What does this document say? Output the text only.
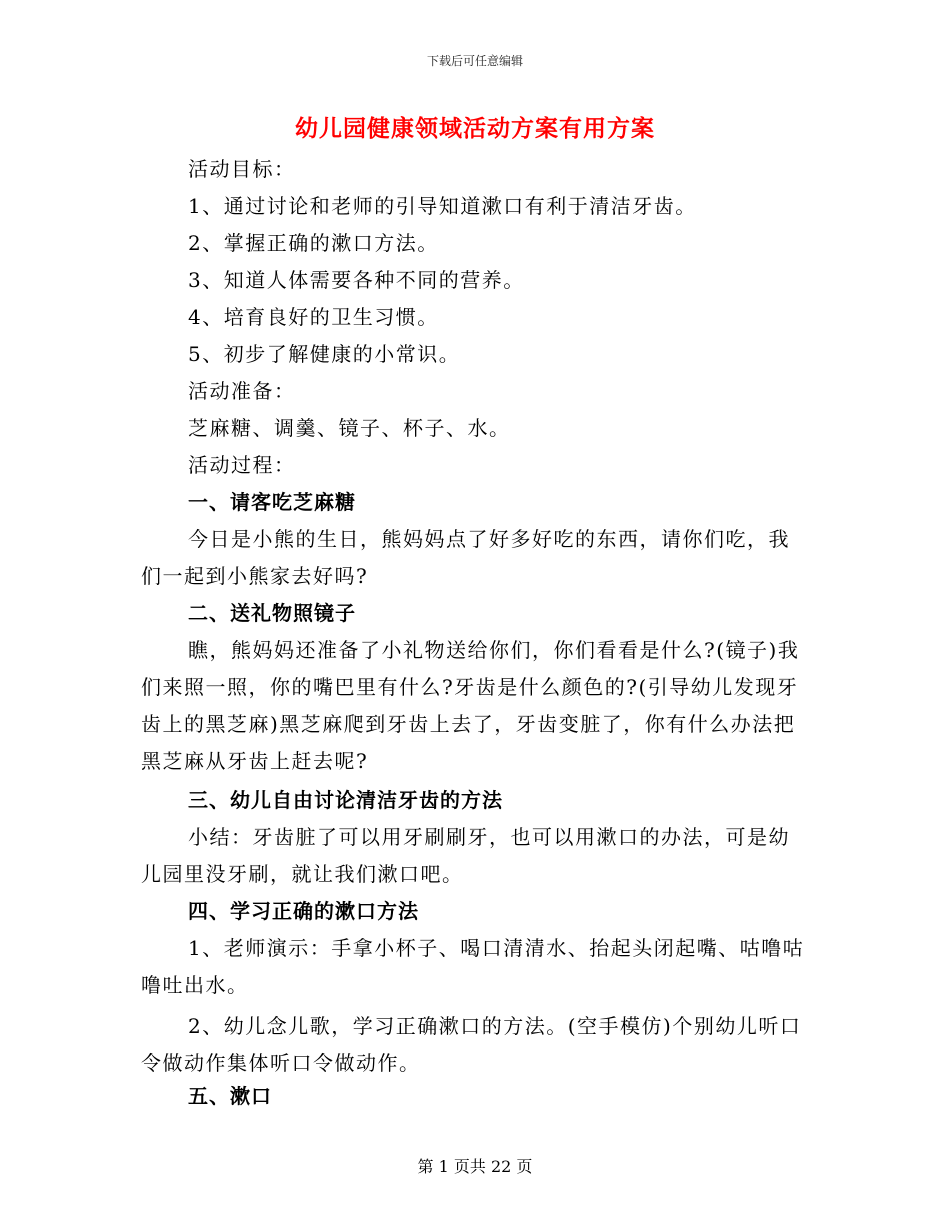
下载后可任意编辑
幼儿园健康领域活动方案有用方案
活动目标：
1、通过讨论和老师的引导知道漱口有利于清洁牙齿。
2、掌握正确的漱口方法。
3、知道人体需要各种不同的营养。
4、培育良好的卫生习惯。
5、初步了解健康的小常识。
活动准备：
芝麻糖、调羹、镜子、杯子、水。
活动过程：
一、请客吃芝麻糖
今日是小熊的生日，熊妈妈点了好多好吃的东西，请你们吃，我们一起到小熊家去好吗?
二、送礼物照镜子
瞧，熊妈妈还准备了小礼物送给你们，你们看看是什么?(镜子)我们来照一照，你的嘴巴里有什么?牙齿是什么颜色的?(引导幼儿发现牙齿上的黑芝麻)黑芝麻爬到牙齿上去了，牙齿变脏了，你有什么办法把黑芝麻从牙齿上赶去呢?
三、幼儿自由讨论清洁牙齿的方法
小结：牙齿脏了可以用牙刷刷牙，也可以用漱口的办法，可是幼儿园里没牙刷，就让我们漱口吧。
四、学习正确的漱口方法
1、老师演示：手拿小杯子、喝口清清水、抬起头闭起嘴、咕噜咕噜吐出水。
2、幼儿念儿歌，学习正确漱口的方法。(空手模仿)个别幼儿听口令做动作集体听口令做动作。
五、漱口
第 1 页共 22 页
